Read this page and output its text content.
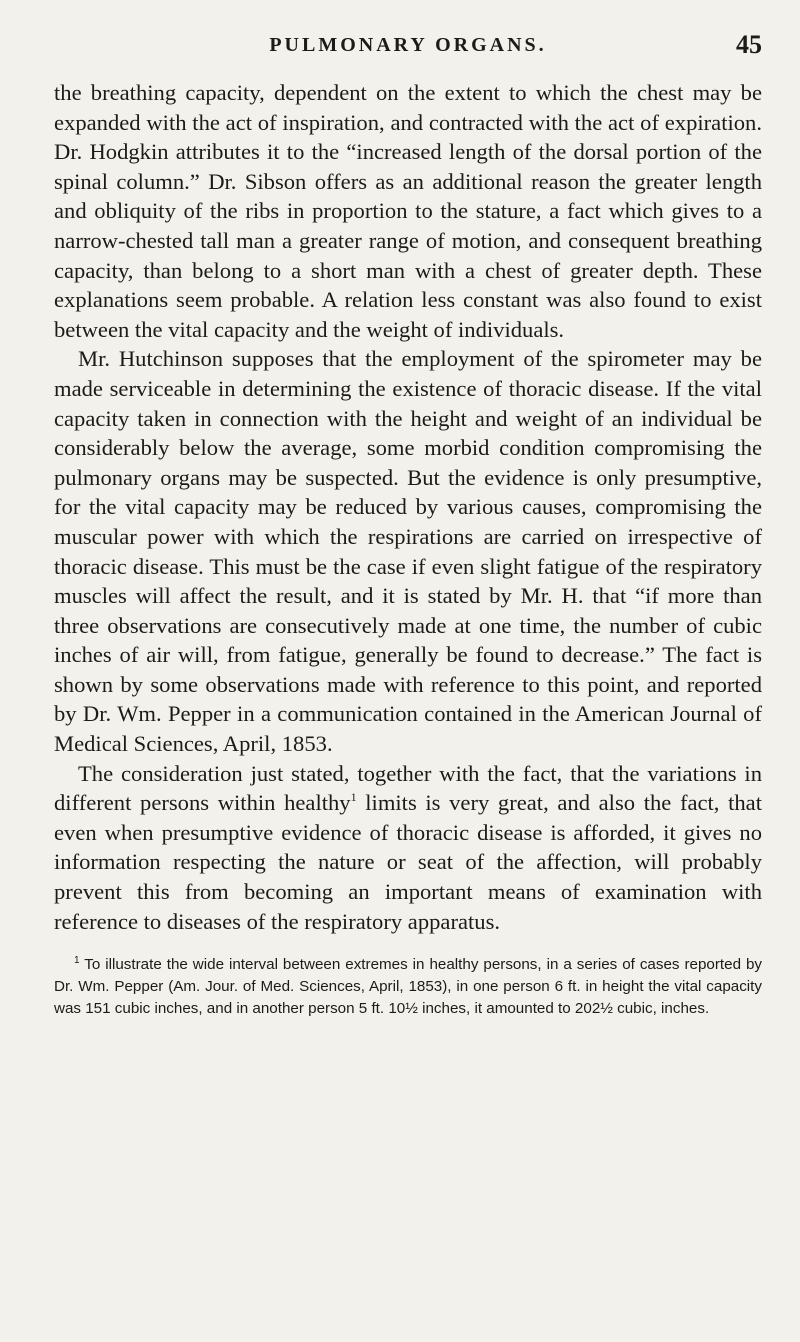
PULMONARY ORGANS.	45

the breathing capacity, dependent on the extent to which the chest may be expanded with the act of inspiration, and contracted with the act of expiration. Dr. Hodgkin attributes it to the “increased length of the dorsal portion of the spinal column.” Dr. Sibson offers as an additional reason the greater length and obliquity of the ribs in proportion to the stature, a fact which gives to a narrow-chested tall man a greater range of motion, and consequent breathing capacity, than belong to a short man with a chest of greater depth. These explanations seem probable. A relation less constant was also found to exist between the vital capacity and the weight of individuals.

Mr. Hutchinson supposes that the employment of the spirometer may be made serviceable in determining the existence of thoracic disease. If the vital capacity taken in connection with the height and weight of an individual be considerably below the average, some morbid condition compromising the pulmonary organs may be suspected. But the evidence is only presumptive, for the vital capacity may be reduced by various causes, compromising the muscular power with which the respirations are carried on irrespective of thoracic disease. This must be the case if even slight fatigue of the respiratory muscles will affect the result, and it is stated by Mr. H. that “if more than three observations are consecutively made at one time, the number of cubic inches of air will, from fatigue, generally be found to decrease.” The fact is shown by some observations made with reference to this point, and reported by Dr. Wm. Pepper in a communication contained in the American Journal of Medical Sciences, April, 1853.

The consideration just stated, together with the fact, that the variations in different persons within healthy$^1$ limits is very great, and also the fact, that even when presumptive evidence of thoracic disease is afforded, it gives no information respecting the nature or seat of the affection, will probably prevent this from becoming an important means of examination with reference to diseases of the respiratory apparatus.

$^1$ To illustrate the wide interval between extremes in healthy persons, in a series of cases reported by Dr. Wm. Pepper (Am. Jour. of Med. Sciences, April, 1853), in one person 6 ft. in height the vital capacity was 151 cubic inches, and in another person 5 ft. 10½ inches, it amounted to 202½ cubic, inches.
